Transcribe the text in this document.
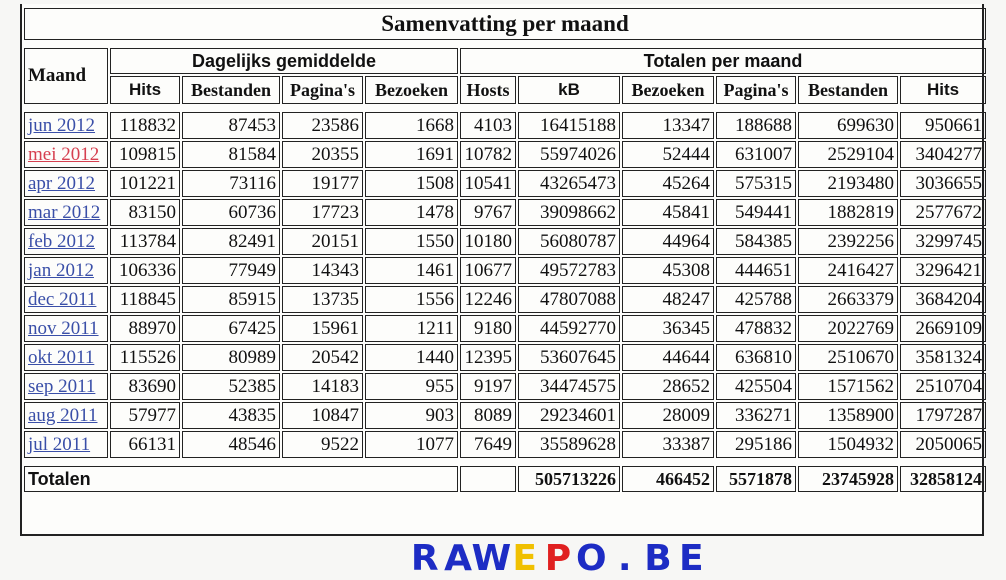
Samenvatting per maand										

Maand	Dagelijks gemiddelde				Totalen per maand					
	Hits	Bestanden	Pagina's	Bezoeken	Hosts	kB	Bezoeken	Pagina's	Bestanden	Hits

jun 2012	118832	87453	23586	1668	4103	16415188	13347	188688	699630	950661
mei 2012	109815	81584	20355	1691	10782	55974026	52444	631007	2529104	3404277
apr 2012	101221	73116	19177	1508	10541	43265473	45264	575315	2193480	3036655
mar 2012	83150	60736	17723	1478	9767	39098662	45841	549441	1882819	2577672
feb 2012	113784	82491	20151	1550	10180	56080787	44964	584385	2392256	3299745
jan 2012	106336	77949	14343	1461	10677	49572783	45308	444651	2416427	3296421
dec 2011	118845	85915	13735	1556	12246	47807088	48247	425788	2663379	3684204
nov 2011	88970	67425	15961	1211	9180	44592770	36345	478832	2022769	2669109
okt 2011	115526	80989	20542	1440	12395	53607645	44644	636810	2510670	3581324
sep 2011	83690	52385	14183	955	9197	34474575	28652	425504	1571562	2510704
aug 2011	57977	43835	10847	903	8089	29234601	28009	336271	1358900	1797287
jul 2011	66131	48546	9522	1077	7649	35589628	33387	295186	1504932	2050065

Totalen						505713226	466452	5571878	23745928	32858124
R A W E P O . B E
